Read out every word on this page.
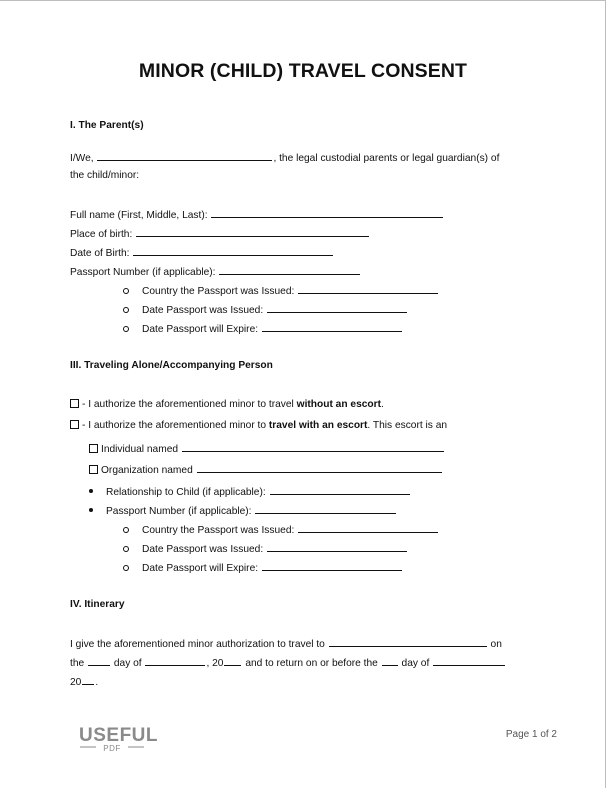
MINOR (CHILD) TRAVEL CONSENT
I. The Parent(s)
I/We,	, the legal custodial parents or legal guardian(s) of
the child/minor:
Full name (First, Middle, Last):
Place of birth:
Date of Birth:
Passport Number (if applicable):
Country the Passport was Issued:
Date Passport was Issued:
Date Passport will Expire:
III. Traveling Alone/Accompanying Person
- I authorize the aforementioned minor to travel without an escort.
- I authorize the aforementioned minor to travel with an escort. This escort is an
Individual named
Organization named
Relationship to Child (if applicable):
Passport Number (if applicable):
Country the Passport was Issued:
Date Passport was Issued:
Date Passport will Expire:
IV. Itinerary
I give the aforementioned minor authorization to travel to	on
the	day of	, 20 and to return on or before the day of
20 .
USEFUL
PDF
Page 1 of 2
